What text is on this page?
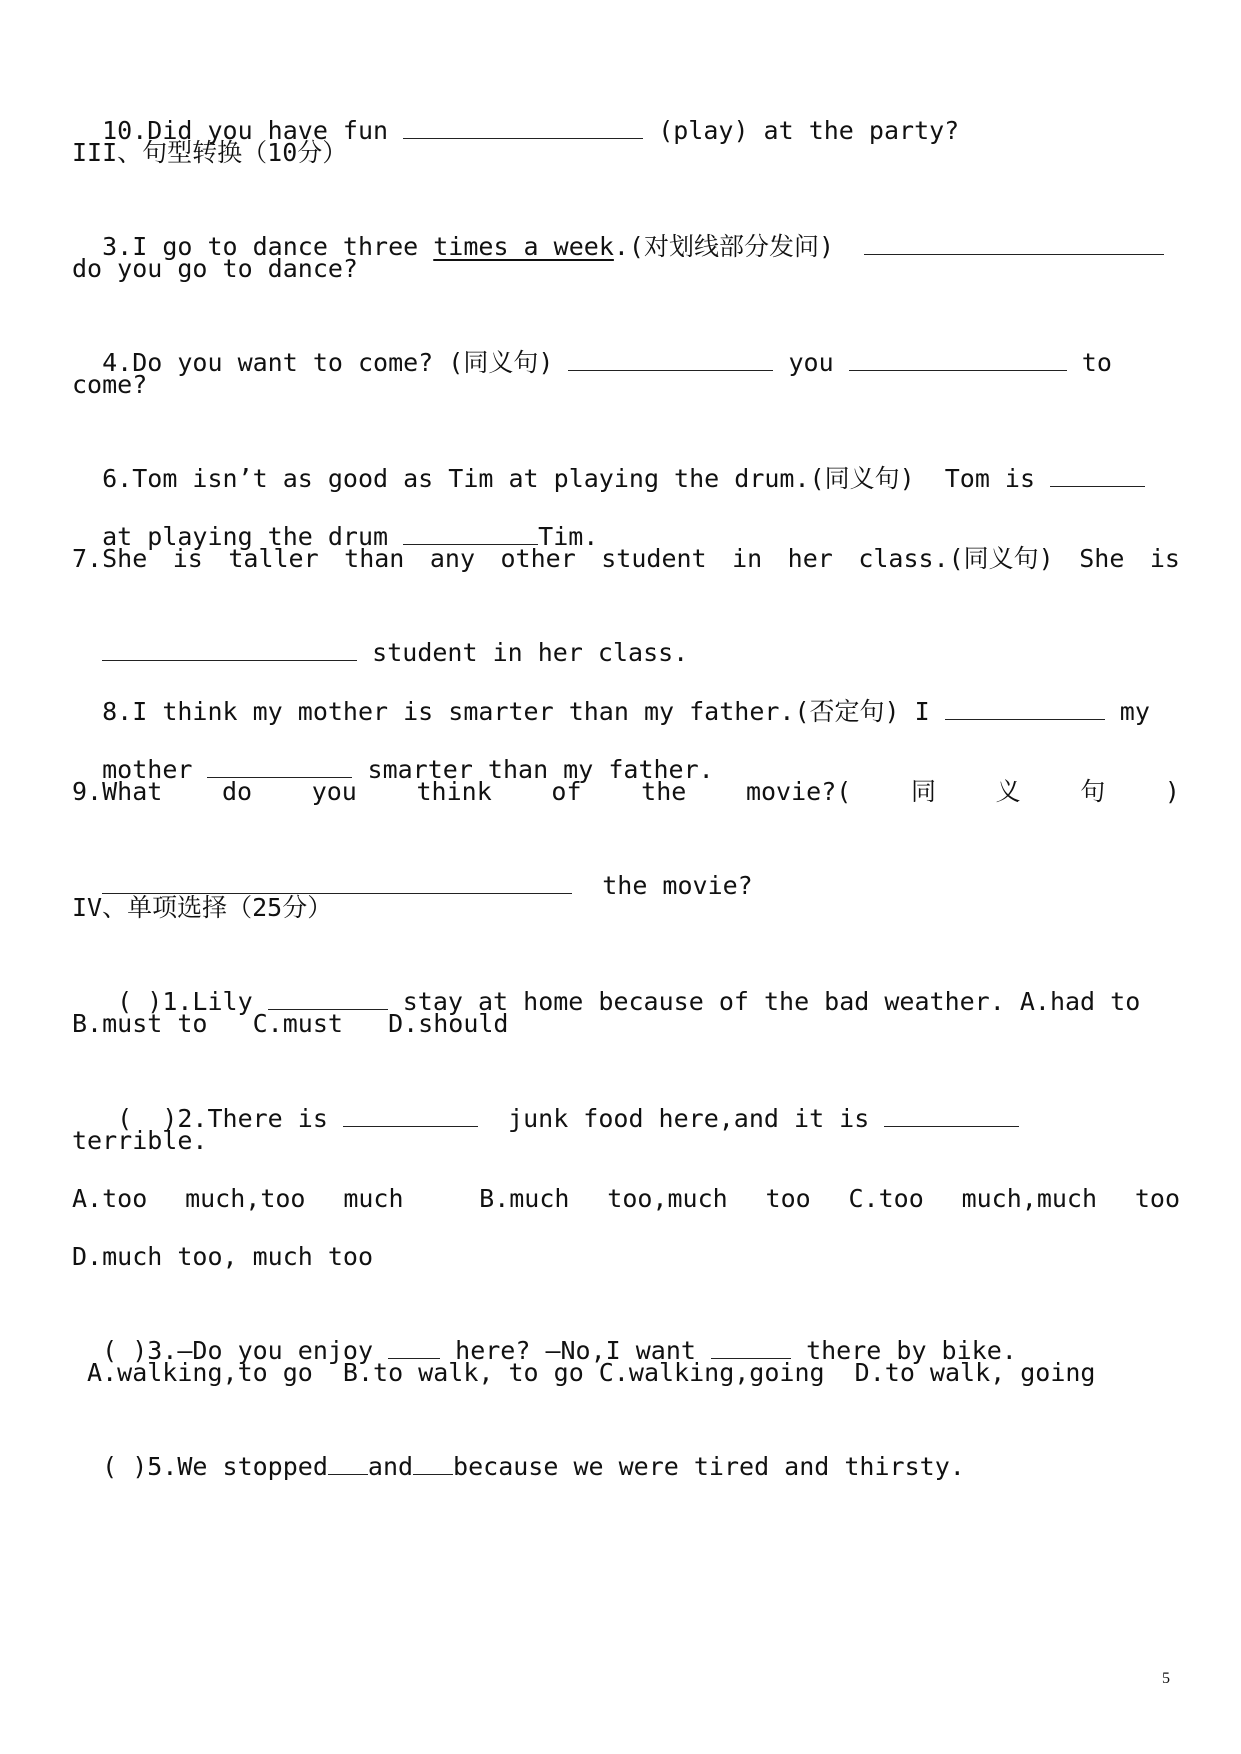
10.Did you have fun	(play) at the party?

III、句型转换（10分）

3.I go to dance three times a week.(对划线部分发问)

do you go to dance?

4.Do you want to come? (同义句)	you	to

come?

6.Tom isn’t as good as Tim at playing the drum.(同义句)  Tom is

at playing the drum	Tim.

7.She is taller than any other student in her class.(同义句) She is

student in her class.

8.I think my mother is smarter than my father.(否定句) I	my

mother	smarter than my father.

9.What do you think of the movie?( 同 义 句 )

the movie?

IV、单项选择（25分）

( )1.Lily	stay at home because of the bad weather. A.had to

B.must to   C.must   D.should

(  )2.There is	junk food here,and it is

terrible.
A.too much,too much	B.much too,much too C.too much,much too
D.much too, much too

( )3.—Do you enjoy  here? —No,I want	there by bike.

A.walking,to go  B.to walk, to go C.walking,going  D.to walk, going

( )5.We stopped and because we were tired and thirsty.

5
